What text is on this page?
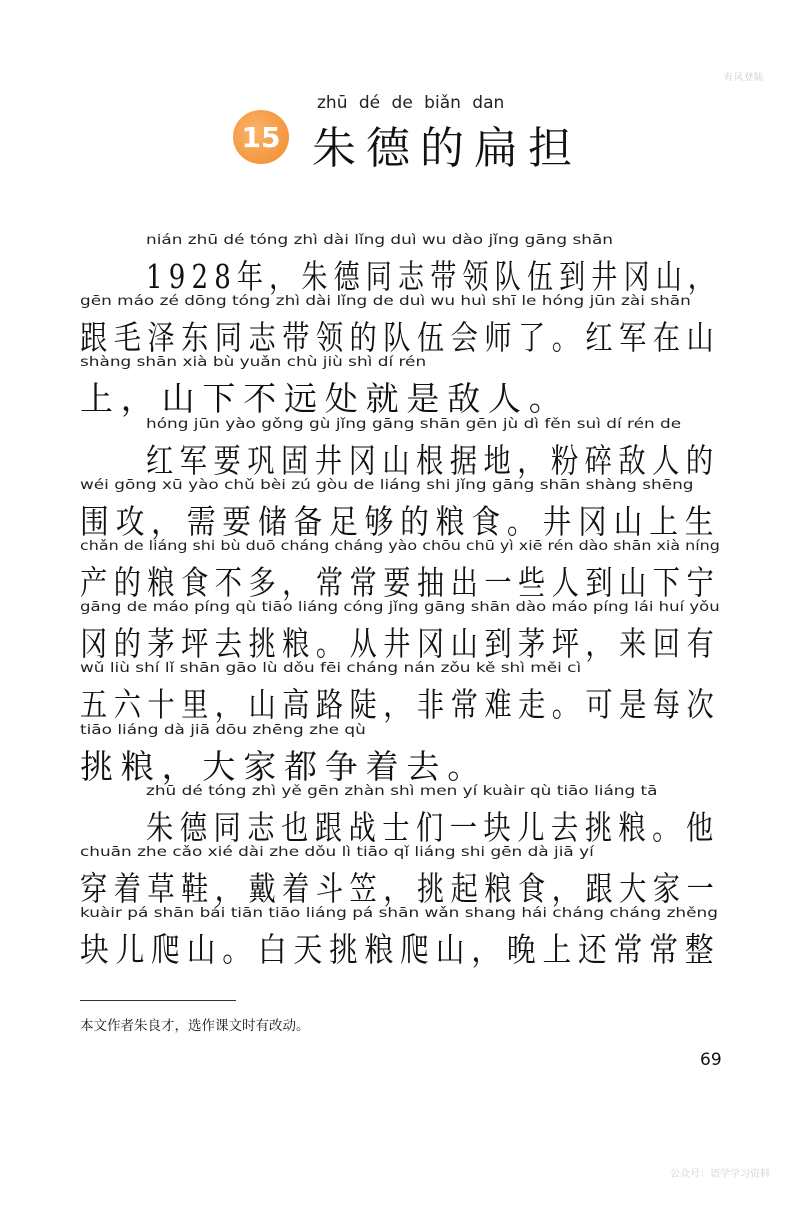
有风登陆
zhū dé de biǎn dan
15 朱德的扁担
nián zhū dé tóng zhì dài lǐng duì wu dào jǐng gāng shān
1928年，朱德同志带领队伍到井冈山，
gēn máo zé dōng tóng zhì dài lǐng de duì wu huì shī le hóng jūn zài shān
跟毛泽东同志带领的队伍会师了。红军在山
shàng shān xià bù yuǎn chù jiù shì dí rén
上，山下不远处就是敌人。
hóng jūn yào gǒng gù jǐng gāng shān gēn jù dì fěn suì dí rén de
红军要巩固井冈山根据地，粉碎敌人的
wéi gōng xū yào chǔ bèi zú gòu de liáng shi jǐng gāng shān shàng shēng
围攻，需要储备足够的粮食。井冈山上生
chǎn de liáng shi bù duō cháng cháng yào chōu chū yì xiē rén dào shān xià níng
产的粮食不多，常常要抽出一些人到山下宁
gāng de máo píng qù tiāo liáng cóng jǐng gāng shān dào máo píng lái huí yǒu
冈的茅坪去挑粮。从井冈山到茅坪，来回有
wǔ liù shí lǐ shān gāo lù dǒu fēi cháng nán zǒu kě shì měi cì
五六十里，山高路陡，非常难走。可是每次
tiāo liáng dà jiā dōu zhēng zhe qù
挑粮，大家都争着去。
zhū dé tóng zhì yě gēn zhàn shì men yí kuàir qù tiāo liáng tā
朱德同志也跟战士们一块儿去挑粮。他
chuān zhe cǎo xié dài zhe dǒu lì tiāo qǐ liáng shi gēn dà jiā yí
穿着草鞋，戴着斗笠，挑起粮食，跟大家一
kuàir pá shān bái tiān tiāo liáng pá shān wǎn shang hái cháng cháng zhěng
块儿爬山。白天挑粮爬山，晚上还常常整
本文作者朱良才，选作课文时有改动。
69
公众号：语学学习资料
